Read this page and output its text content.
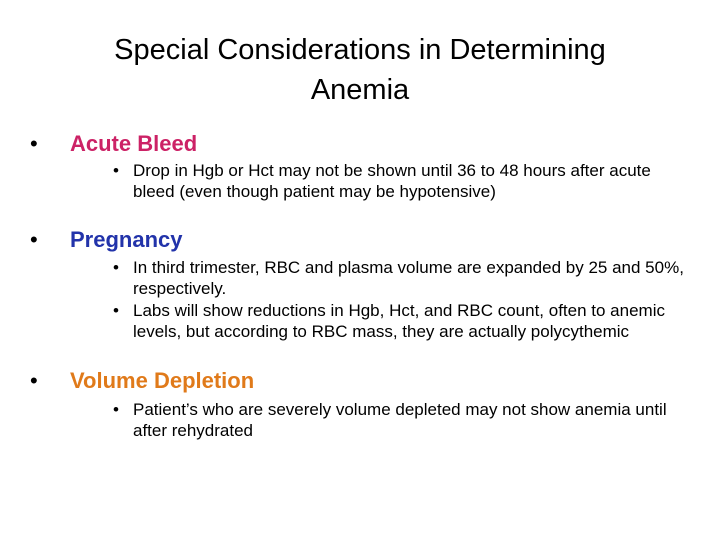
Special Considerations in Determining
Anemia
• Acute Bleed
• Drop in Hgb or Hct may not be shown until 36 to 48 hours after acute bleed (even though patient may be hypotensive)
• Pregnancy
• In third trimester, RBC and plasma volume are expanded by 25 and 50%, respectively.
• Labs will show reductions in Hgb, Hct, and RBC count, often to anemic levels, but according to RBC mass, they are actually polycythemic
• Volume Depletion
• Patient’s who are severely volume depleted may not show anemia until after rehydrated
